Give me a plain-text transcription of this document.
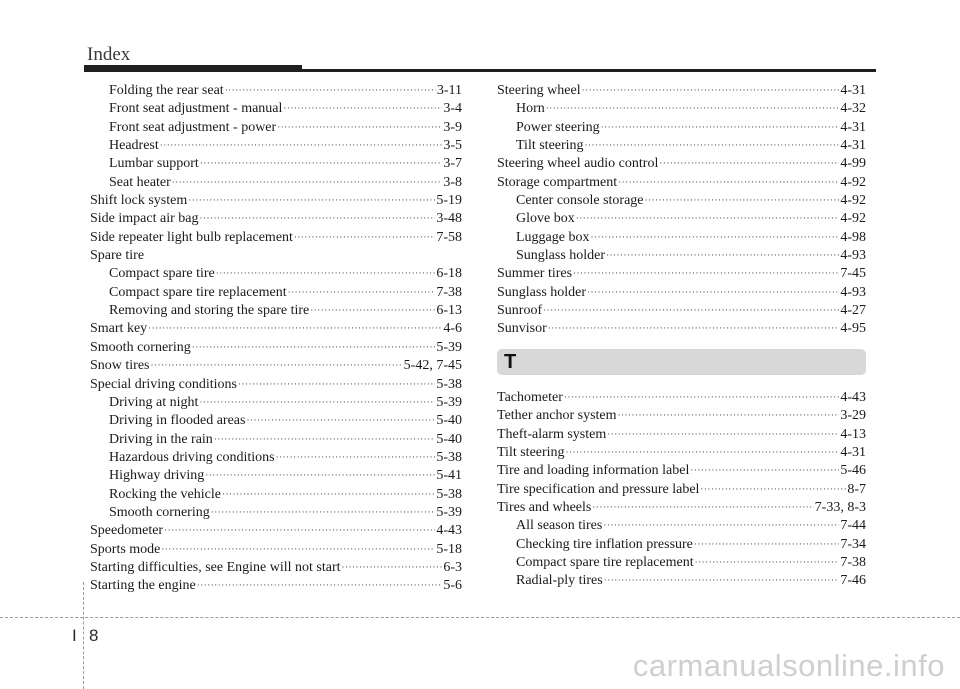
Index
Folding the rear seat ·····	3-11
Front seat adjustment - manual ·····	3-4
Front seat adjustment - power ·····	3-9
Headrest ·····	3-5
Lumbar support ·····	3-7
Seat heater ·····	3-8
Shift lock system ·····	5-19
Side impact air bag ·····	3-48
Side repeater light bulb replacement ·····	7-58
Spare tire
Compact spare tire ·····	6-18
Compact spare tire replacement ·····	7-38
Removing and storing the spare tire ·····	6-13
Smart key ·····	4-6
Smooth cornering ·····	5-39
Snow tires ·····	5-42, 7-45
Special driving conditions ·····	5-38
Driving at night ·····	5-39
Driving in flooded areas ·····	5-40
Driving in the rain ·····	5-40
Hazardous driving conditions ·····	5-38
Highway driving ·····	5-41
Rocking the vehicle ·····	5-38
Smooth cornering ·····	5-39
Speedometer ·····	4-43
Sports mode ·····	5-18
Starting difficulties, see Engine will not start ·····	6-3
Starting the engine ·····	5-6
Steering wheel ·····	4-31
Horn ·····	4-32
Power steering ·····	4-31
Tilt steering ·····	4-31
Steering wheel audio control ·····	4-99
Storage compartment ·····	4-92
Center console storage ·····	4-92
Glove box ·····	4-92
Luggage box ·····	4-98
Sunglass holder ·····	4-93
Summer tires ·····	7-45
Sunglass holder ·····	4-93
Sunroof ·····	4-27
Sunvisor ·····	4-95
T
Tachometer ·····	4-43
Tether anchor system ·····	3-29
Theft-alarm system ·····	4-13
Tilt steering ·····	4-31
Tire and loading information label ·····	5-46
Tire specification and pressure label ·····	8-7
Tires and wheels ·····	7-33, 8-3
All season tires ·····	7-44
Checking tire inflation pressure ·····	7-34
Compact spare tire replacement ·····	7-38
Radial-ply tires ·····	7-46
I 8
carmanualsonline.info
